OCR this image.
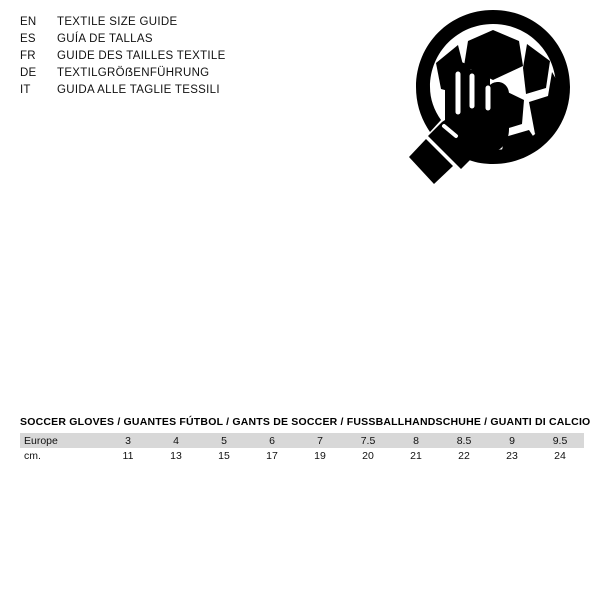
EN	TEXTILE SIZE GUIDE
ES	GUÍA DE TALLAS
FR	GUIDE DES TAILLES TEXTILE
DE	TEXTILGRÖẞENFÜHRUNG
IT	GUIDA ALLE TAGLIE TESSILI
SOCCER GLOVES / GUANTES FÚTBOL / GANTS DE SOCCER / FUSSBALLHANDSCHUHE / GUANTI DI CALCIO
Europe	3	4	5	6	7	7.5	8	8.5	9	9.5
cm.	11	13	15	17	19	20	21	22	23	24
